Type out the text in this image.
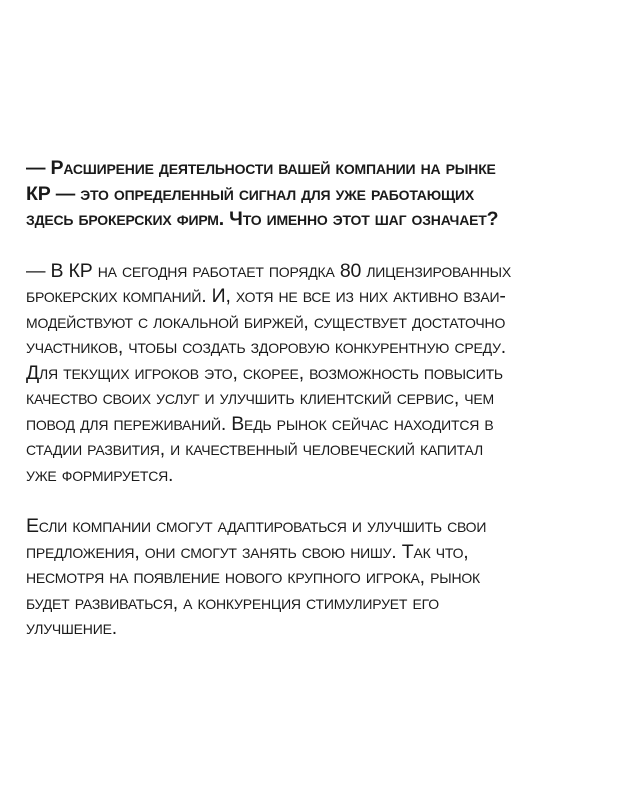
— Расширение деятельности вашей компании на рынке
КР — это определенный сигнал для уже работающих
здесь брокерских фирм. Что именно этот шаг означает?

— В КР на сегодня работает порядка 80 лицензированных
брокерских компаний. И, хотя не все из них активно взаи-
модействуют с локальной биржей, существует достаточно
участников, чтобы создать здоровую конкурентную среду.
Для текущих игроков это, скорее, возможность повысить
качество своих услуг и улучшить клиентский сервис, чем
повод для переживаний. Ведь рынок сейчас находится в
стадии развития, и качественный человеческий капитал
уже формируется.

Если компании смогут адаптироваться и улучшить свои
предложения, они смогут занять свою нишу. Так что,
несмотря на появление нового крупного игрока, рынок
будет развиваться, а конкуренция стимулирует его
улучшение.
